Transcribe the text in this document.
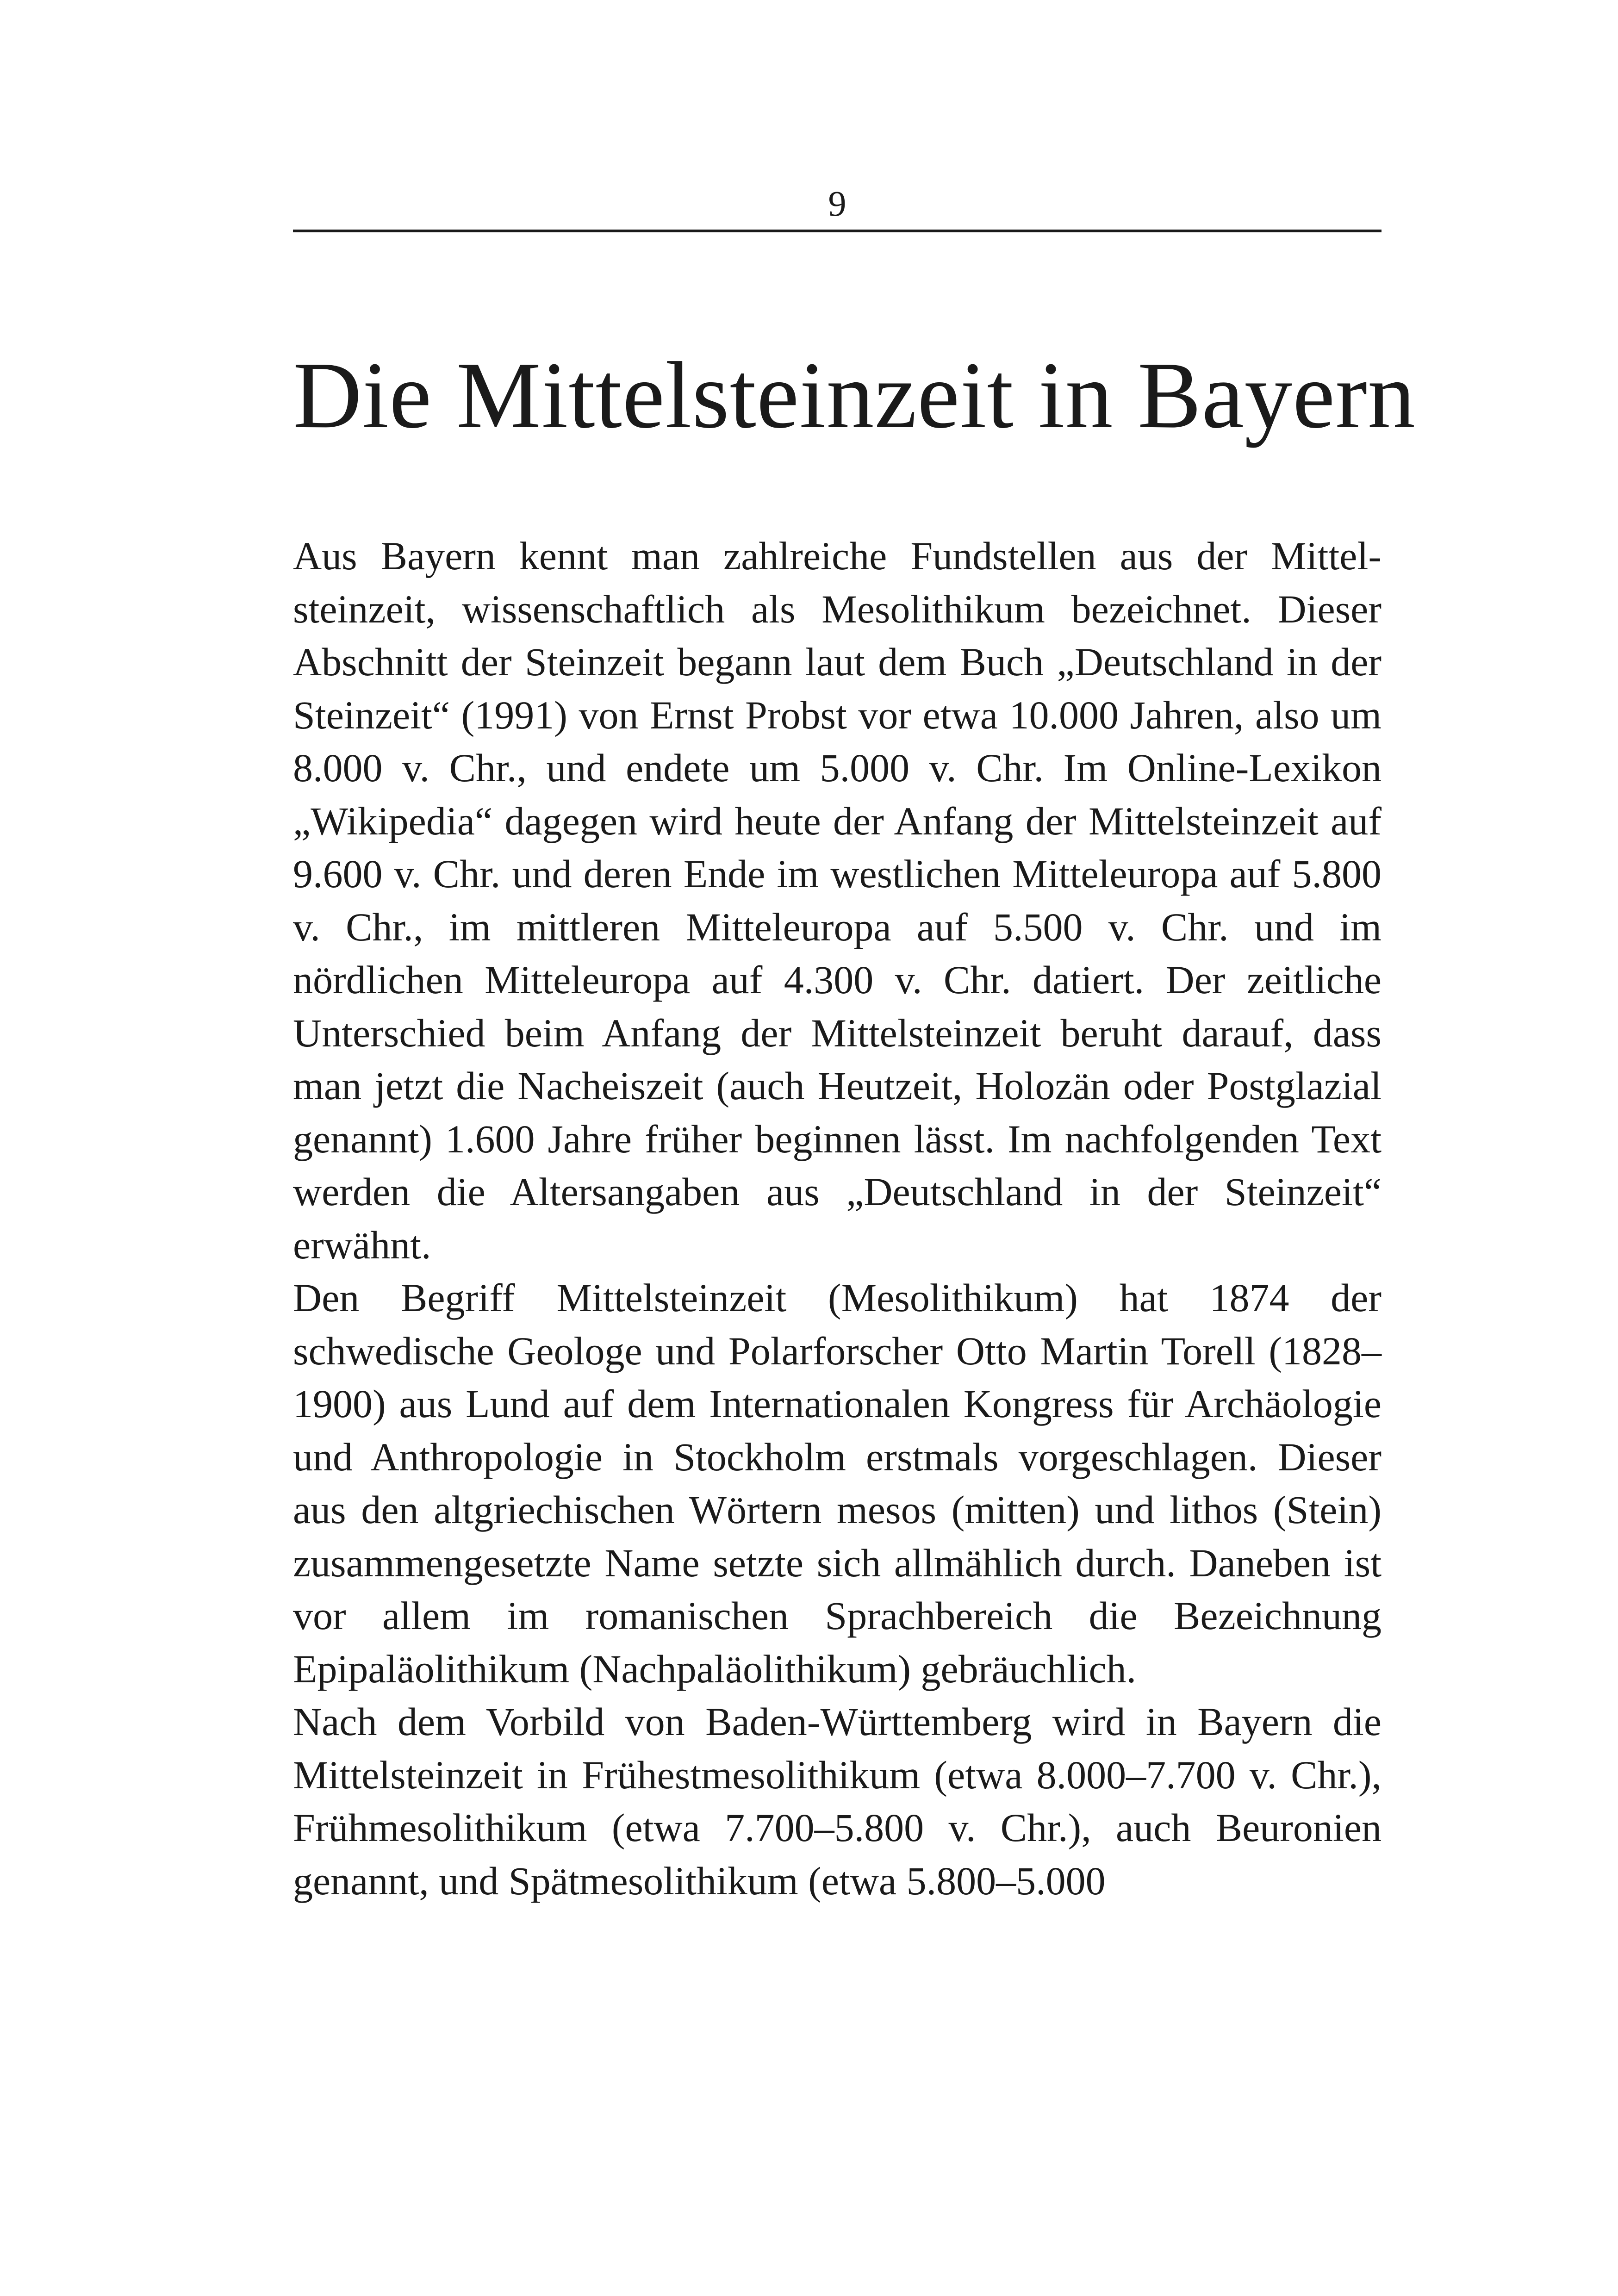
9
Die Mittelsteinzeit in Bayern

Aus Bayern kennt man zahlreiche Fundstellen aus der Mittelsteinzeit, wissenschaftlich als Mesolithikum bezeichnet. Dieser Abschnitt der Steinzeit begann laut dem Buch „Deutschland in der Steinzeit“ (1991) von Ernst Probst vor etwa 10.000 Jahren, also um 8.000 v. Chr., und endete um 5.000 v. Chr. Im Online-Lexikon „Wikipedia“ dagegen wird heute der Anfang der Mittelsteinzeit auf 9.600 v. Chr. und deren Ende im westlichen Mitteleuropa auf 5.800 v. Chr., im mittleren Mitteleuropa auf 5.500 v. Chr. und im nördlichen Mitteleuropa auf 4.300 v. Chr. datiert. Der zeitliche Unterschied beim Anfang der Mittelsteinzeit beruht darauf, dass man jetzt die Nacheiszeit (auch Heutzeit, Holozän oder Postglazial genannt) 1.600 Jahre früher beginnen lässt. Im nachfolgenden Text werden die Altersangaben aus „Deutschland in der Steinzeit“ erwähnt.

Den Begriff Mittelsteinzeit (Mesolithikum) hat 1874 der schwedische Geologe und Polarforscher Otto Martin Torell (1828–1900) aus Lund auf dem Internationalen Kongress für Archäologie und Anthropologie in Stockholm erstmals vorgeschlagen. Dieser aus den altgriechischen Wörtern mesos (mitten) und lithos (Stein) zusammengesetzte Name setzte sich allmählich durch. Daneben ist vor allem im romanischen Sprachbereich die Bezeichnung Epipaläolithikum (Nachpaläolithikum) gebräuchlich.

Nach dem Vorbild von Baden-Württemberg wird in Bayern die Mittelsteinzeit in Frühestmesolithikum (etwa 8.000–7.700 v. Chr.), Frühmesolithikum (etwa 7.700–5.800 v. Chr.), auch Beuronien genannt, und Spätmesolithikum (etwa 5.800–5.000
